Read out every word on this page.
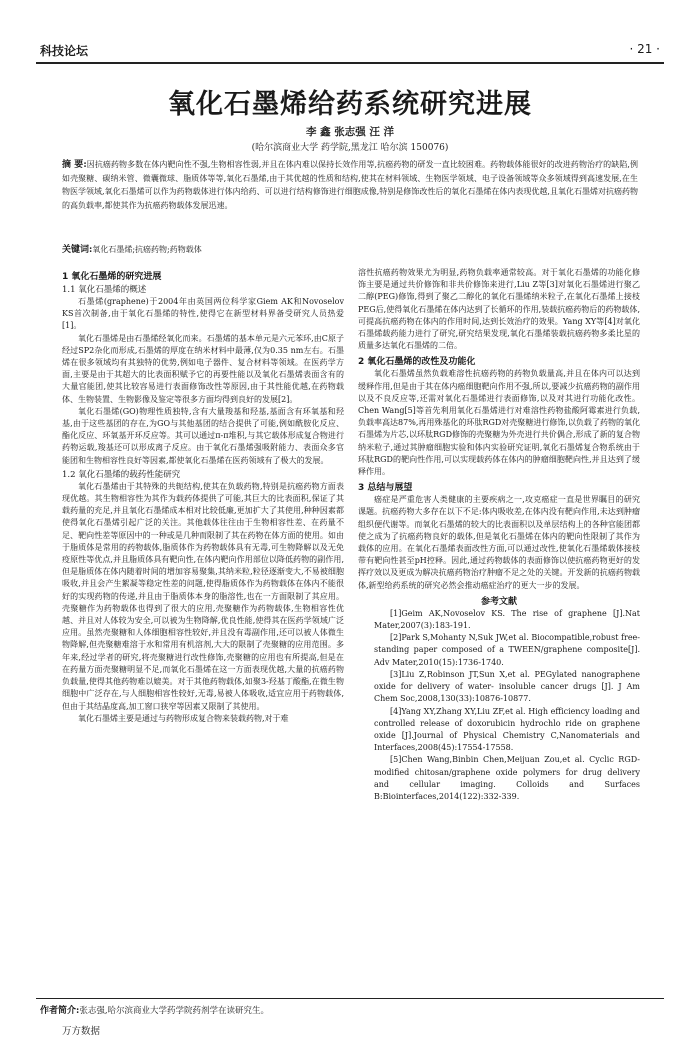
科技论坛	· 21 ·
氧化石墨烯给药系统研究进展
李 鑫 张志强 汪 洋
(哈尔滨商业大学 药学院,黑龙江 哈尔滨 150076)
摘 要:因抗癌药物多数在体内靶向性不强,生物相容性弱,并且在体内难以保持长效作用等,抗癌药物的研发一直比较困难。药物载体能很好的改进药物治疗的缺陷,例如壳聚糖、碳纳米管、微囊微球、脂质体等等,氧化石墨烯,由于其优越的性质和结构,使其在材料领域、生物医学领域、电子设备领域等众多领域得到高速发展,在生物医学领域,氧化石墨烯可以作为药物载体进行体内给药、可以进行结构修饰进行细胞成像,特别是修饰改性后的氧化石墨烯在体内表现优越,且氧化石墨烯对抗癌药物的高负载率,都使其作为抗癌药物载体发展迅速。
关键词:氧化石墨烯;抗癌药物;药物载体
1 氧化石墨烯的研究进展
1.1 氧化石墨烯的概述

石墨烯(graphene)于2004年由英国两位科学家Giem AK和Novoselov KS首次制备,由于氧化石墨烯的特性,使得它在新型材料界备受研究人员热爱[1]。

氧化石墨烯是由石墨烯经氧化而来。石墨烯的基本单元是六元苯环,由C原子经过SP2杂化而形成,石墨烯的厚度在纳米材料中最薄,仅为0.35 nm左右。石墨烯在很多领域均有其独特的优势,例如电子器件、复合材料等领域。在医药学方面,主要是由于其超大的比表面积赋予它的再要性能以及氧化石墨烯表面含有的大量官能团,使其比较容易进行表面修饰改性等原因,由于其性能优越,在药物载体、生物装置、生物影像及鉴定等很多方面均得到良好的发展[2]。

氧化石墨烯(GO)物理性质独特,含有大量羧基和羟基,基面含有环氧基和羟基,由于这些基团的存在,为GO与其他基团的结合提供了可能,例如酰胺化反应、酯化反应、环氧基开环反应等。其可以通过π-π堆积,与其它载体形成复合物进行药物运载,羧基还可以形成离子反应。由于氧化石墨烯强吸附能力、表面众多官能团和生物相容性良好等因素,都使氧化石墨烯在医药领域有了极大的发展。

1.2 氧化石墨烯的载药性能研究

氧化石墨烯由于其特殊的共轭结构,使其在负载药物,特别是抗癌药物方面表现优越。其生物相容性为其作为载药体提供了可能,其巨大的比表面积,保证了其载药量的充足,并且氧化石墨烯成本相对比较低廉,更加扩大了其使用,种种因素都使得氧化石墨烯引起广泛的关注。其他载体往往由于生物相容性差、在药量不足、靶向性差等原因中的一种或是几种而限制了其在药物在体方面的使用。如由于脂质体是常用的药物载体,脂质体作为药物载体具有无毒,可生物降解以及无免疫原性等优点,并且脂质体具有靶向性,在体内靶向作用部位以降低药物的副作用,但是脂质体在体内随着时间的增加容易聚集,其纳米粒,粒径逐渐变大,不易被细胞吸收,并且会产生絮凝等稳定性差的问题,使得脂质体作为药物载体在体内不能很好的实现药物的传递,并且由于脂质体本身的脂溶性,也在一方面限制了其应用。壳聚糖作为药物载体也得到了很大的应用,壳聚糖作为药物载体,生物相容性优越、并且对人体较为安全,可以被为生物降解,优良性能,使得其在医药学领域广泛应用。虽然壳聚糖和人体细胞相容性较好,并且没有毒副作用,还可以被人体微生物降解,但壳聚糖难溶于水和常用有机溶剂,大大的限制了壳聚糖的应用范围。多年来,经过学者的研究,将壳聚糖进行改性修饰,壳聚糖的应用也有所提高,但是在在药量方面壳聚糖明显不足,而氧化石墨烯在这一方面表现优越,大量的抗癌药物负载量,使得其他药物难以媲美。对于其他药物载体,如聚3-羟基丁酸酯,在微生物细胞中广泛存在,与人细胞相容性较好,无毒,易被人体吸收,适宜应用于药物载体,但由于其结晶度高,加工窗口狭窄等因素又限制了其使用。

氧化石墨烯主要是通过与药物形成复合物来装载药物,对于难

溶性抗癌药物效果尤为明显,药物负载率通常较高。对于氧化石墨烯的功能化修饰主要是通过共价修饰和非共价修饰来进行,Liu Z等[3]对氧化石墨烯进行聚乙二醇(PEG)修饰,得到了聚乙二醇化的氧化石墨烯纳米粒子,在氧化石墨烯上接枝PEG后,使得氧化石墨烯在体内达到了长循环的作用,装载抗癌药物后的药物载体,可提高抗癌药物在体内的作用时间,达到长效治疗的效果。Yang XY等[4]对氧化石墨烯载药能力进行了研究,研究结果发现,氧化石墨烯装载抗癌药物多柔比星的质量多达氧化石墨烯的二倍。

2 氧化石墨烯的改性及功能化

氧化石墨烯虽然负载难溶性抗癌药物的药物负载量高,并且在体内可以达到缓释作用,但是由于其在体内癌细胞靶向作用不强,所以,要减少抗癌药物的副作用以及不良反应等,还需对氧化石墨烯进行表面修饰,以及对其进行功能化改性。Chen Wang[5]等首先利用氧化石墨烯进行对难溶性药物盐酸阿霉素进行负载,负载率高达87%,再用殊基化的环肽RGD对壳聚糖进行修饰,以负载了药物的氧化石墨烯为片芯,以环肽RGD修饰的壳聚糖为外壳进行共价偶合,形成了新的复合物纳米粒子,通过其肿瘤细胞实验和体内实验研究证明,氧化石墨烯复合物系统由于环肽RGD的靶向性作用,可以实现载药体在体内的肿瘤细胞靶向性,并且达到了缓释作用。

3 总结与展望

癌症是严重危害人类健康的主要疾病之一,攻克癌症一直是世界瞩目的研究课题。抗癌药物大多存在以下不足:体内吸收差,在体内没有靶向作用,未达到肿瘤组织便代谢等。而氧化石墨烯的较大的比表面积以及单层结构上的各种官能团都使之成为了抗癌药物良好的载体,但是氧化石墨烯在体内的靶向性限制了其作为载体的应用。在氧化石墨烯表面改性方面,可以通过改性,使氧化石墨烯载体接枝带有靶向性甚至pH控释。因此,通过药物载体的表面修饰以使抗癌药物更好的发挥疗效以及更成为解决抗癌药物治疗肿瘤不足之处的关键。开发新的抗癌药物载体,新型给药系统的研究必然会推动癌症治疗的更大一步的发展。

参考文献

[1]Geim AK,Novoselov KS. The rise of graphene [J].Nat Mater,2007(3):183-191.

[2]Park S,Mohanty N,Suk JW,et al. Biocompatible,robust free-standing paper composed of a TWEEN/graphene composite[J]. Adv Mater,2010(15):1736-1740.

[3]Liu Z,Robinson JT,Sun X,et al. PEGylated nanographene oxide for delivery of water- insoluble cancer drugs [J]. J Am Chem Soc,2008,130(33):10876-10877.

[4]Yang XY,Zhang XY,Liu ZF,et al. High efficiency loading and controlled release of doxorubicin hydrochlo ride on graphene oxide [J].Journal of Physical Chemistry C,Nanomaterials and Interfaces,2008(45):17554-17558.

[5]Chen Wang,Binbin Chen,Meijuan Zou,et al. Cyclic RGD-modified chitosan/graphene oxide polymers for drug delivery and cellular imaging. Colloids and Surfaces B:Biointerfaces,2014(122):332-339.

作者简介:张志强,哈尔滨商业大学药学院药剂学在读研究生。
万方数据
